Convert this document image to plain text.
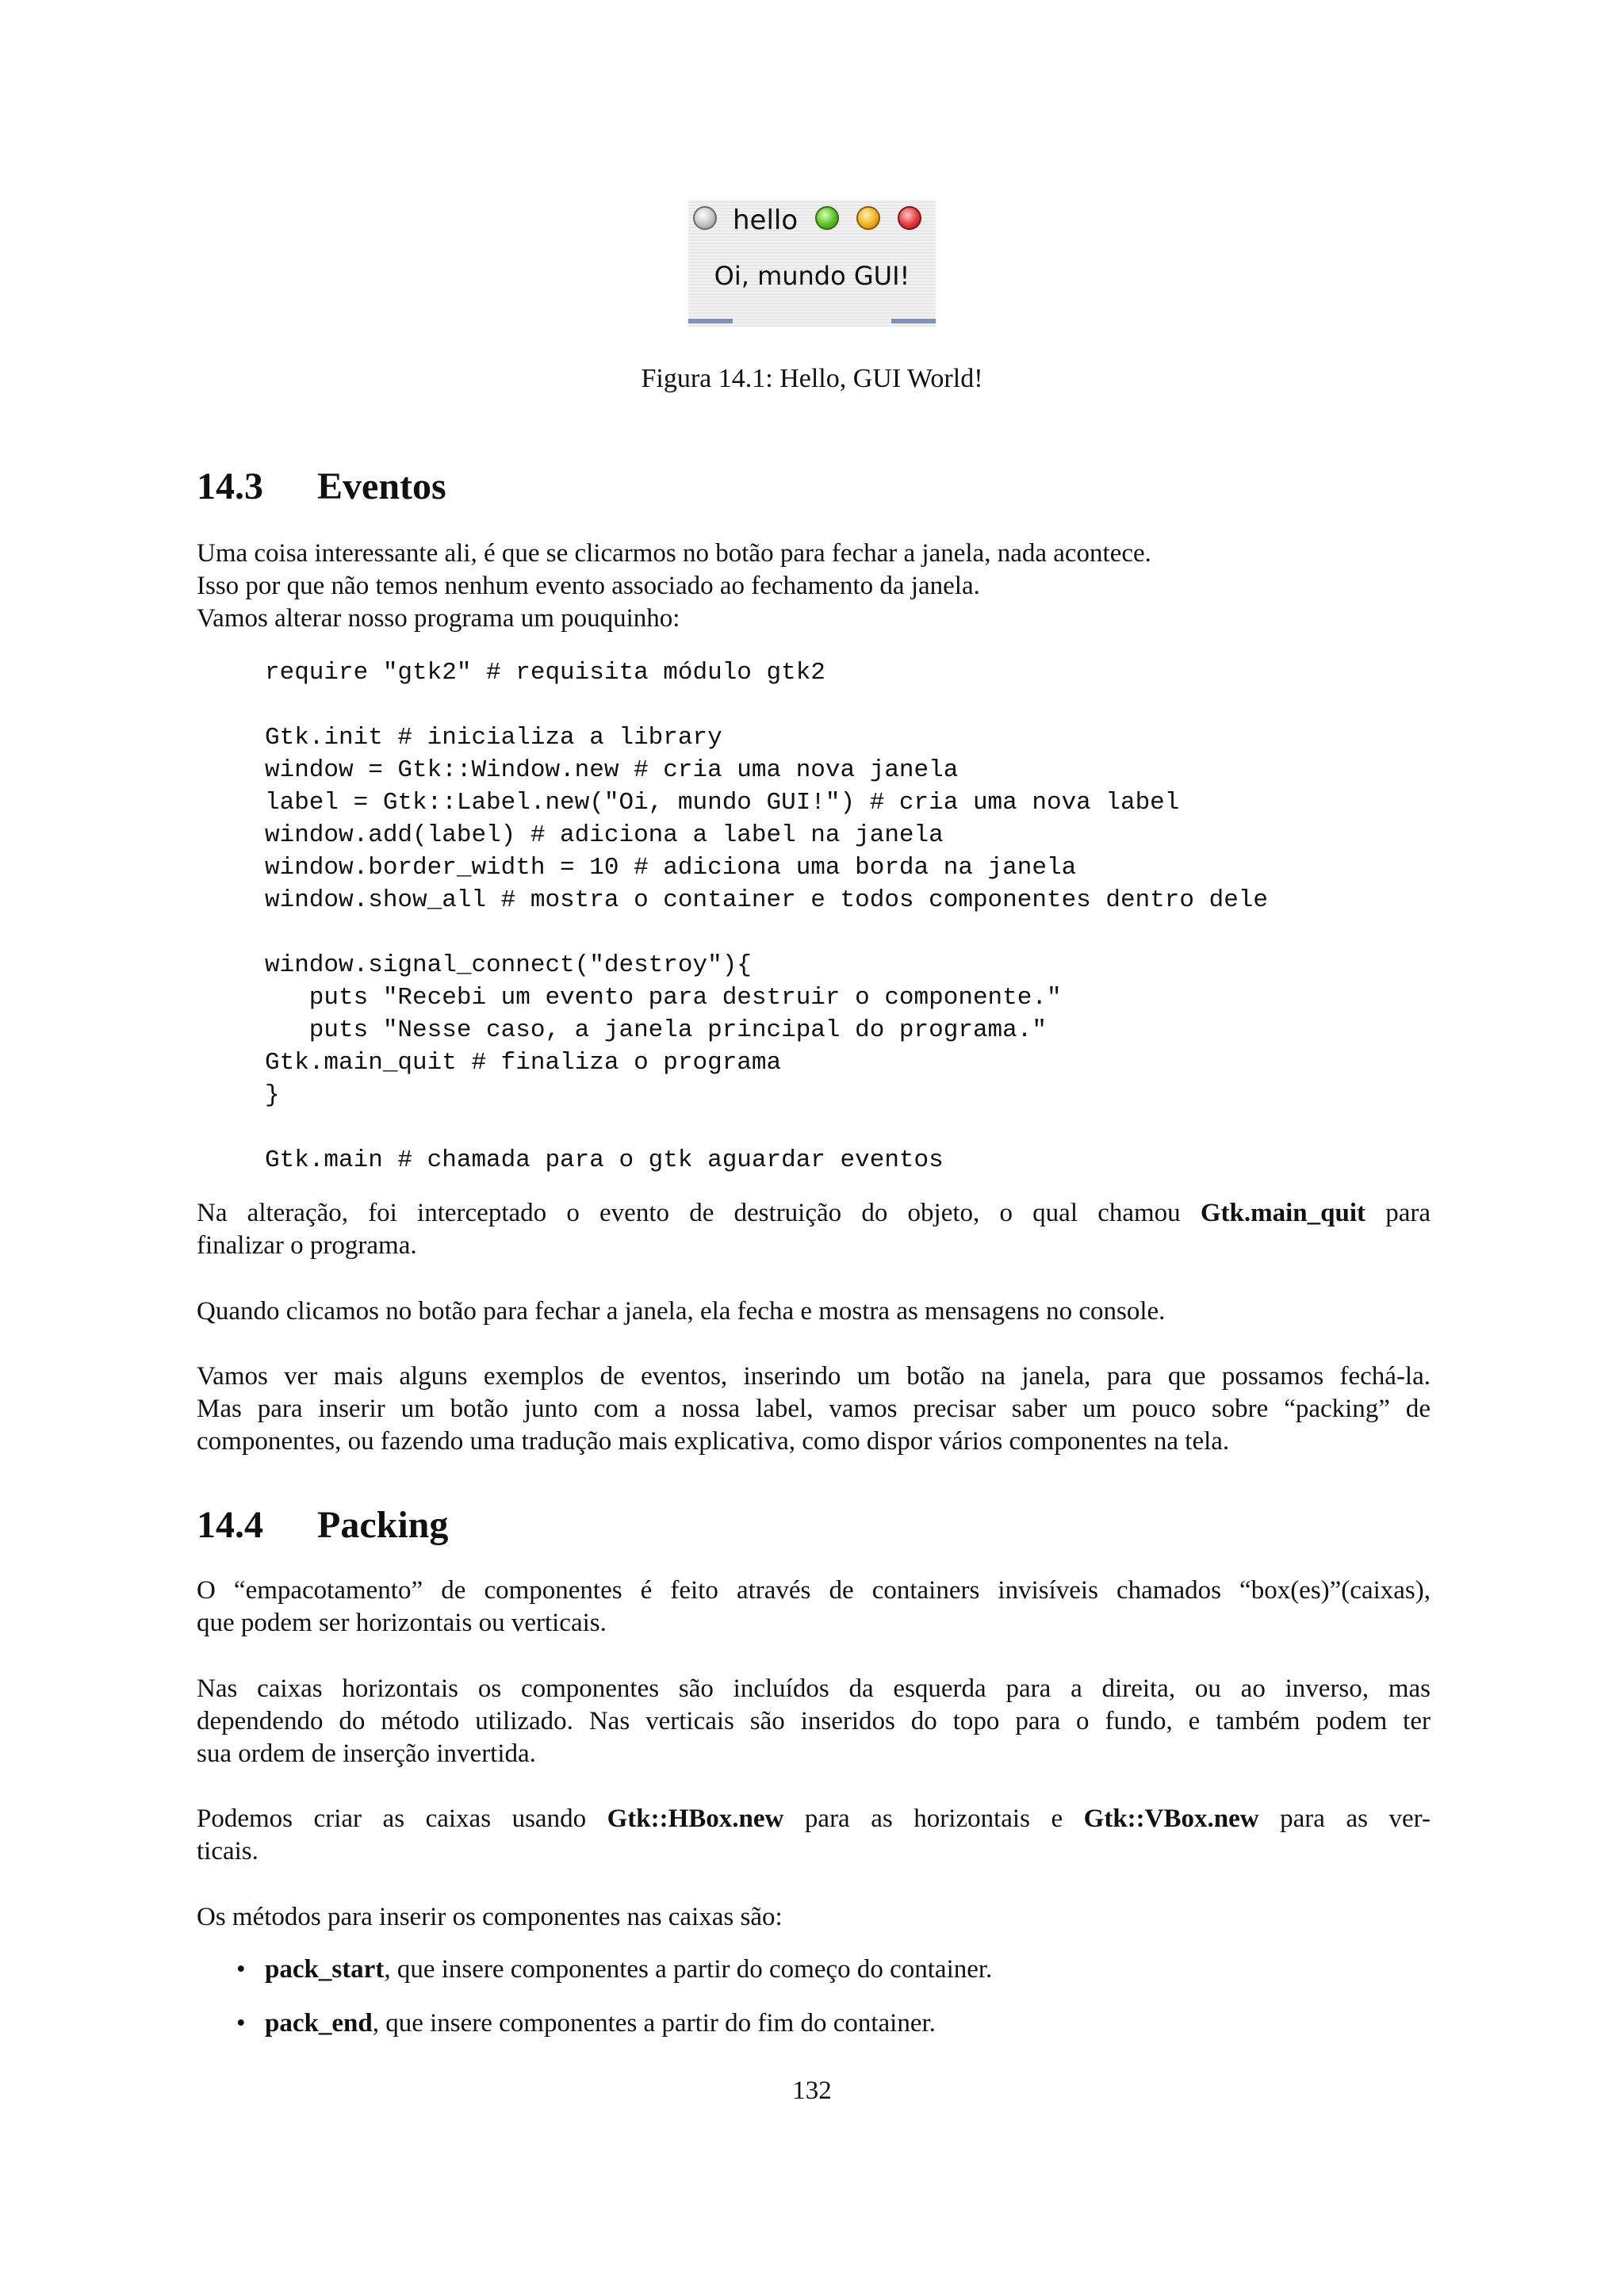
hello
Oi, mundo GUI!
Figura 14.1: Hello, GUI World!
14.3 Eventos
Uma coisa interessante ali, é que se clicarmos no botão para fechar a janela, nada acontece.
Isso por que não temos nenhum evento associado ao fechamento da janela.
Vamos alterar nosso programa um pouquinho:
require "gtk2" # requisita módulo gtk2
Gtk.init # inicializa a library
window = Gtk::Window.new # cria uma nova janela
label = Gtk::Label.new("Oi, mundo GUI!") # cria uma nova label
window.add(label) # adiciona a label na janela
window.border_width = 10 # adiciona uma borda na janela
window.show_all # mostra o container e todos componentes dentro dele
window.signal_connect("destroy"){
puts "Recebi um evento para destruir o componente."
puts "Nesse caso, a janela principal do programa."
Gtk.main_quit # finaliza o programa
}
Gtk.main # chamada para o gtk aguardar eventos
Na alteração, foi interceptado o evento de destruição do objeto, o qual chamou Gtk.main_quit para
finalizar o programa.
Quando clicamos no botão para fechar a janela, ela fecha e mostra as mensagens no console.
Vamos ver mais alguns exemplos de eventos, inserindo um botão na janela, para que possamos fechá-la.
Mas para inserir um botão junto com a nossa label, vamos precisar saber um pouco sobre “packing” de
componentes, ou fazendo uma tradução mais explicativa, como dispor vários componentes na tela.
14.4 Packing
O “empacotamento” de componentes é feito através de containers invisíveis chamados “box(es)”(caixas),
que podem ser horizontais ou verticais.
Nas caixas horizontais os componentes são incluídos da esquerda para a direita, ou ao inverso, mas
dependendo do método utilizado. Nas verticais são inseridos do topo para o fundo, e também podem ter
sua ordem de inserção invertida.
Podemos criar as caixas usando Gtk::HBox.new para as horizontais e Gtk::VBox.new para as ver-
ticais.
Os métodos para inserir os componentes nas caixas são:
• pack_start, que insere componentes a partir do começo do container.
• pack_end, que insere componentes a partir do fim do container.
132
